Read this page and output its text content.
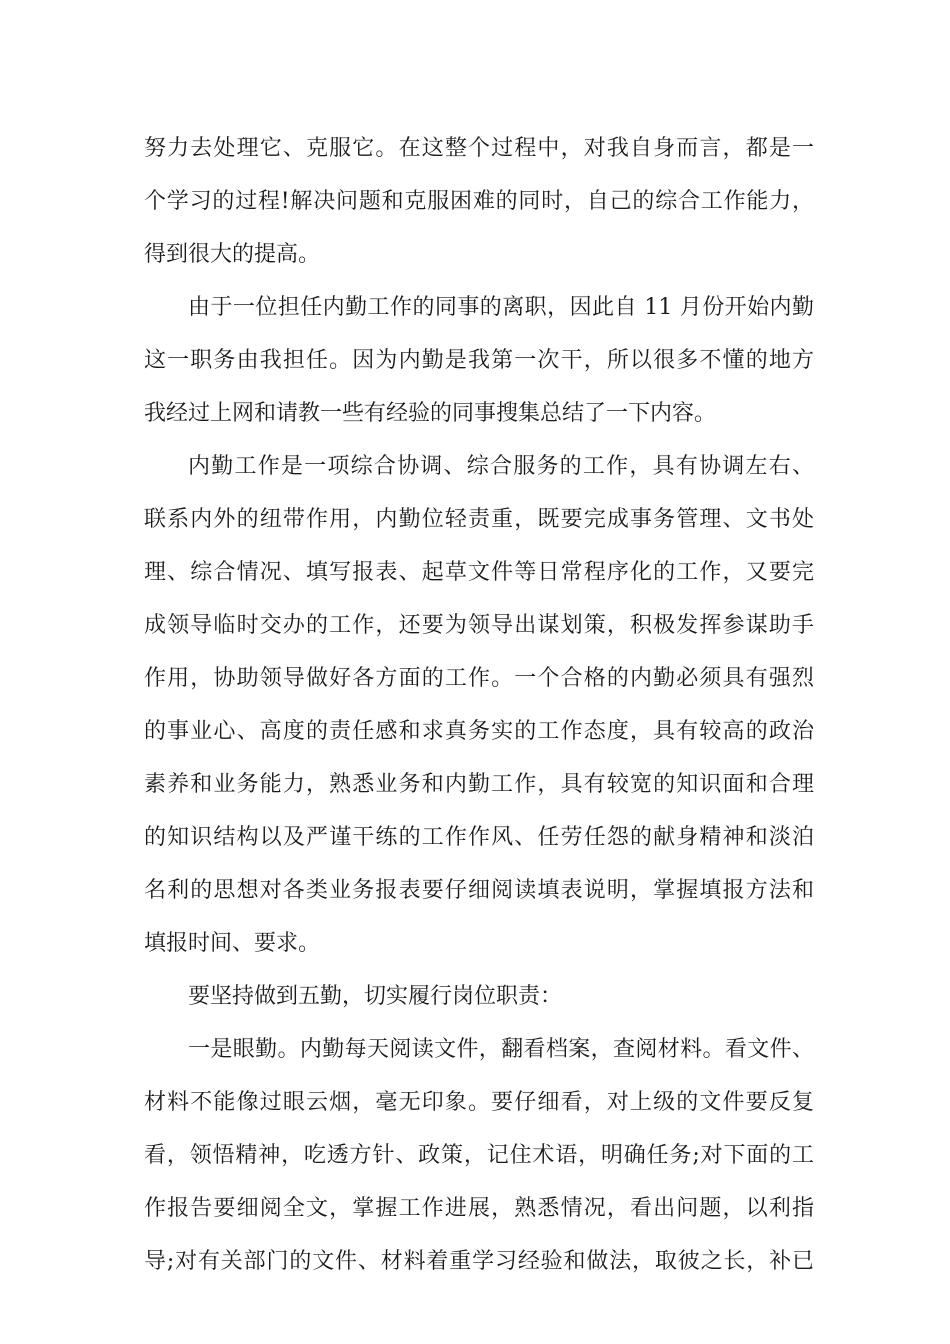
努力去处理它、克服它。在这整个过程中，对我自身而言，都是一
个学习的过程!解决问题和克服困难的同时，自己的综合工作能力，
得到很大的提高。
由于一位担任内勤工作的同事的离职，因此自 11 月份开始内勤
这一职务由我担任。因为内勤是我第一次干，所以很多不懂的地方
我经过上网和请教一些有经验的同事搜集总结了一下内容。
内勤工作是一项综合协调、综合服务的工作，具有协调左右、
联系内外的纽带作用，内勤位轻责重，既要完成事务管理、文书处
理、综合情况、填写报表、起草文件等日常程序化的工作，又要完
成领导临时交办的工作，还要为领导出谋划策，积极发挥参谋助手
作用，协助领导做好各方面的工作。一个合格的内勤必须具有强烈
的事业心、高度的责任感和求真务实的工作态度，具有较高的政治
素养和业务能力，熟悉业务和内勤工作，具有较宽的知识面和合理
的知识结构以及严谨干练的工作作风、任劳任怨的献身精神和淡泊
名利的思想对各类业务报表要仔细阅读填表说明，掌握填报方法和
填报时间、要求。
要坚持做到五勤，切实履行岗位职责：
一是眼勤。内勤每天阅读文件，翻看档案，查阅材料。看文件、
材料不能像过眼云烟，毫无印象。要仔细看，对上级的文件要反复
看，领悟精神，吃透方针、政策，记住术语，明确任务;对下面的工
作报告要细阅全文，掌握工作进展，熟悉情况，看出问题，以利指
导;对有关部门的文件、材料着重学习经验和做法，取彼之长，补已
